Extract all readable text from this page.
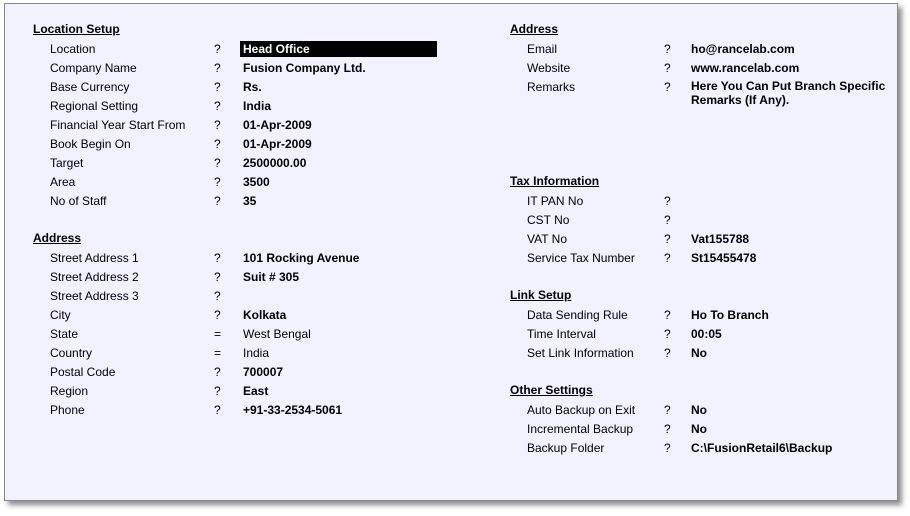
Location Setup
Location	? Head Office
Company Name	? Fusion Company Ltd.
Base Currency	? Rs.
Regional Setting	? India
Financial Year Start From ? 01-Apr-2009
Book Begin On	? 01-Apr-2009
Target	? 2500000.00
Area	? 3500
No of Staff	? 35
Address
Street Address 1	? 101 Rocking Avenue
Street Address 2	? Suit # 305
Street Address 3	?
City	? Kolkata
State	= West Bengal
Country	= India
Postal Code	? 700007
Region	? East
Phone	? +91-33-2534-5061
Address
Email	? ho@rancelab.com
Website	? www.rancelab.com
Remarks	? Here You Can Put Branch Specific Remarks (If Any).
Tax Information
IT PAN No	?
CST No	?
VAT No	? Vat155788
Service Tax Number ? St15455478
Link Setup
Data Sending Rule	? Ho To Branch
Time Interval	? 00:05
Set Link Information	? No
Other Settings
Auto Backup on Exit ? No
Incremental Backup	? No
Backup Folder	? C:\FusionRetail6\Backup
